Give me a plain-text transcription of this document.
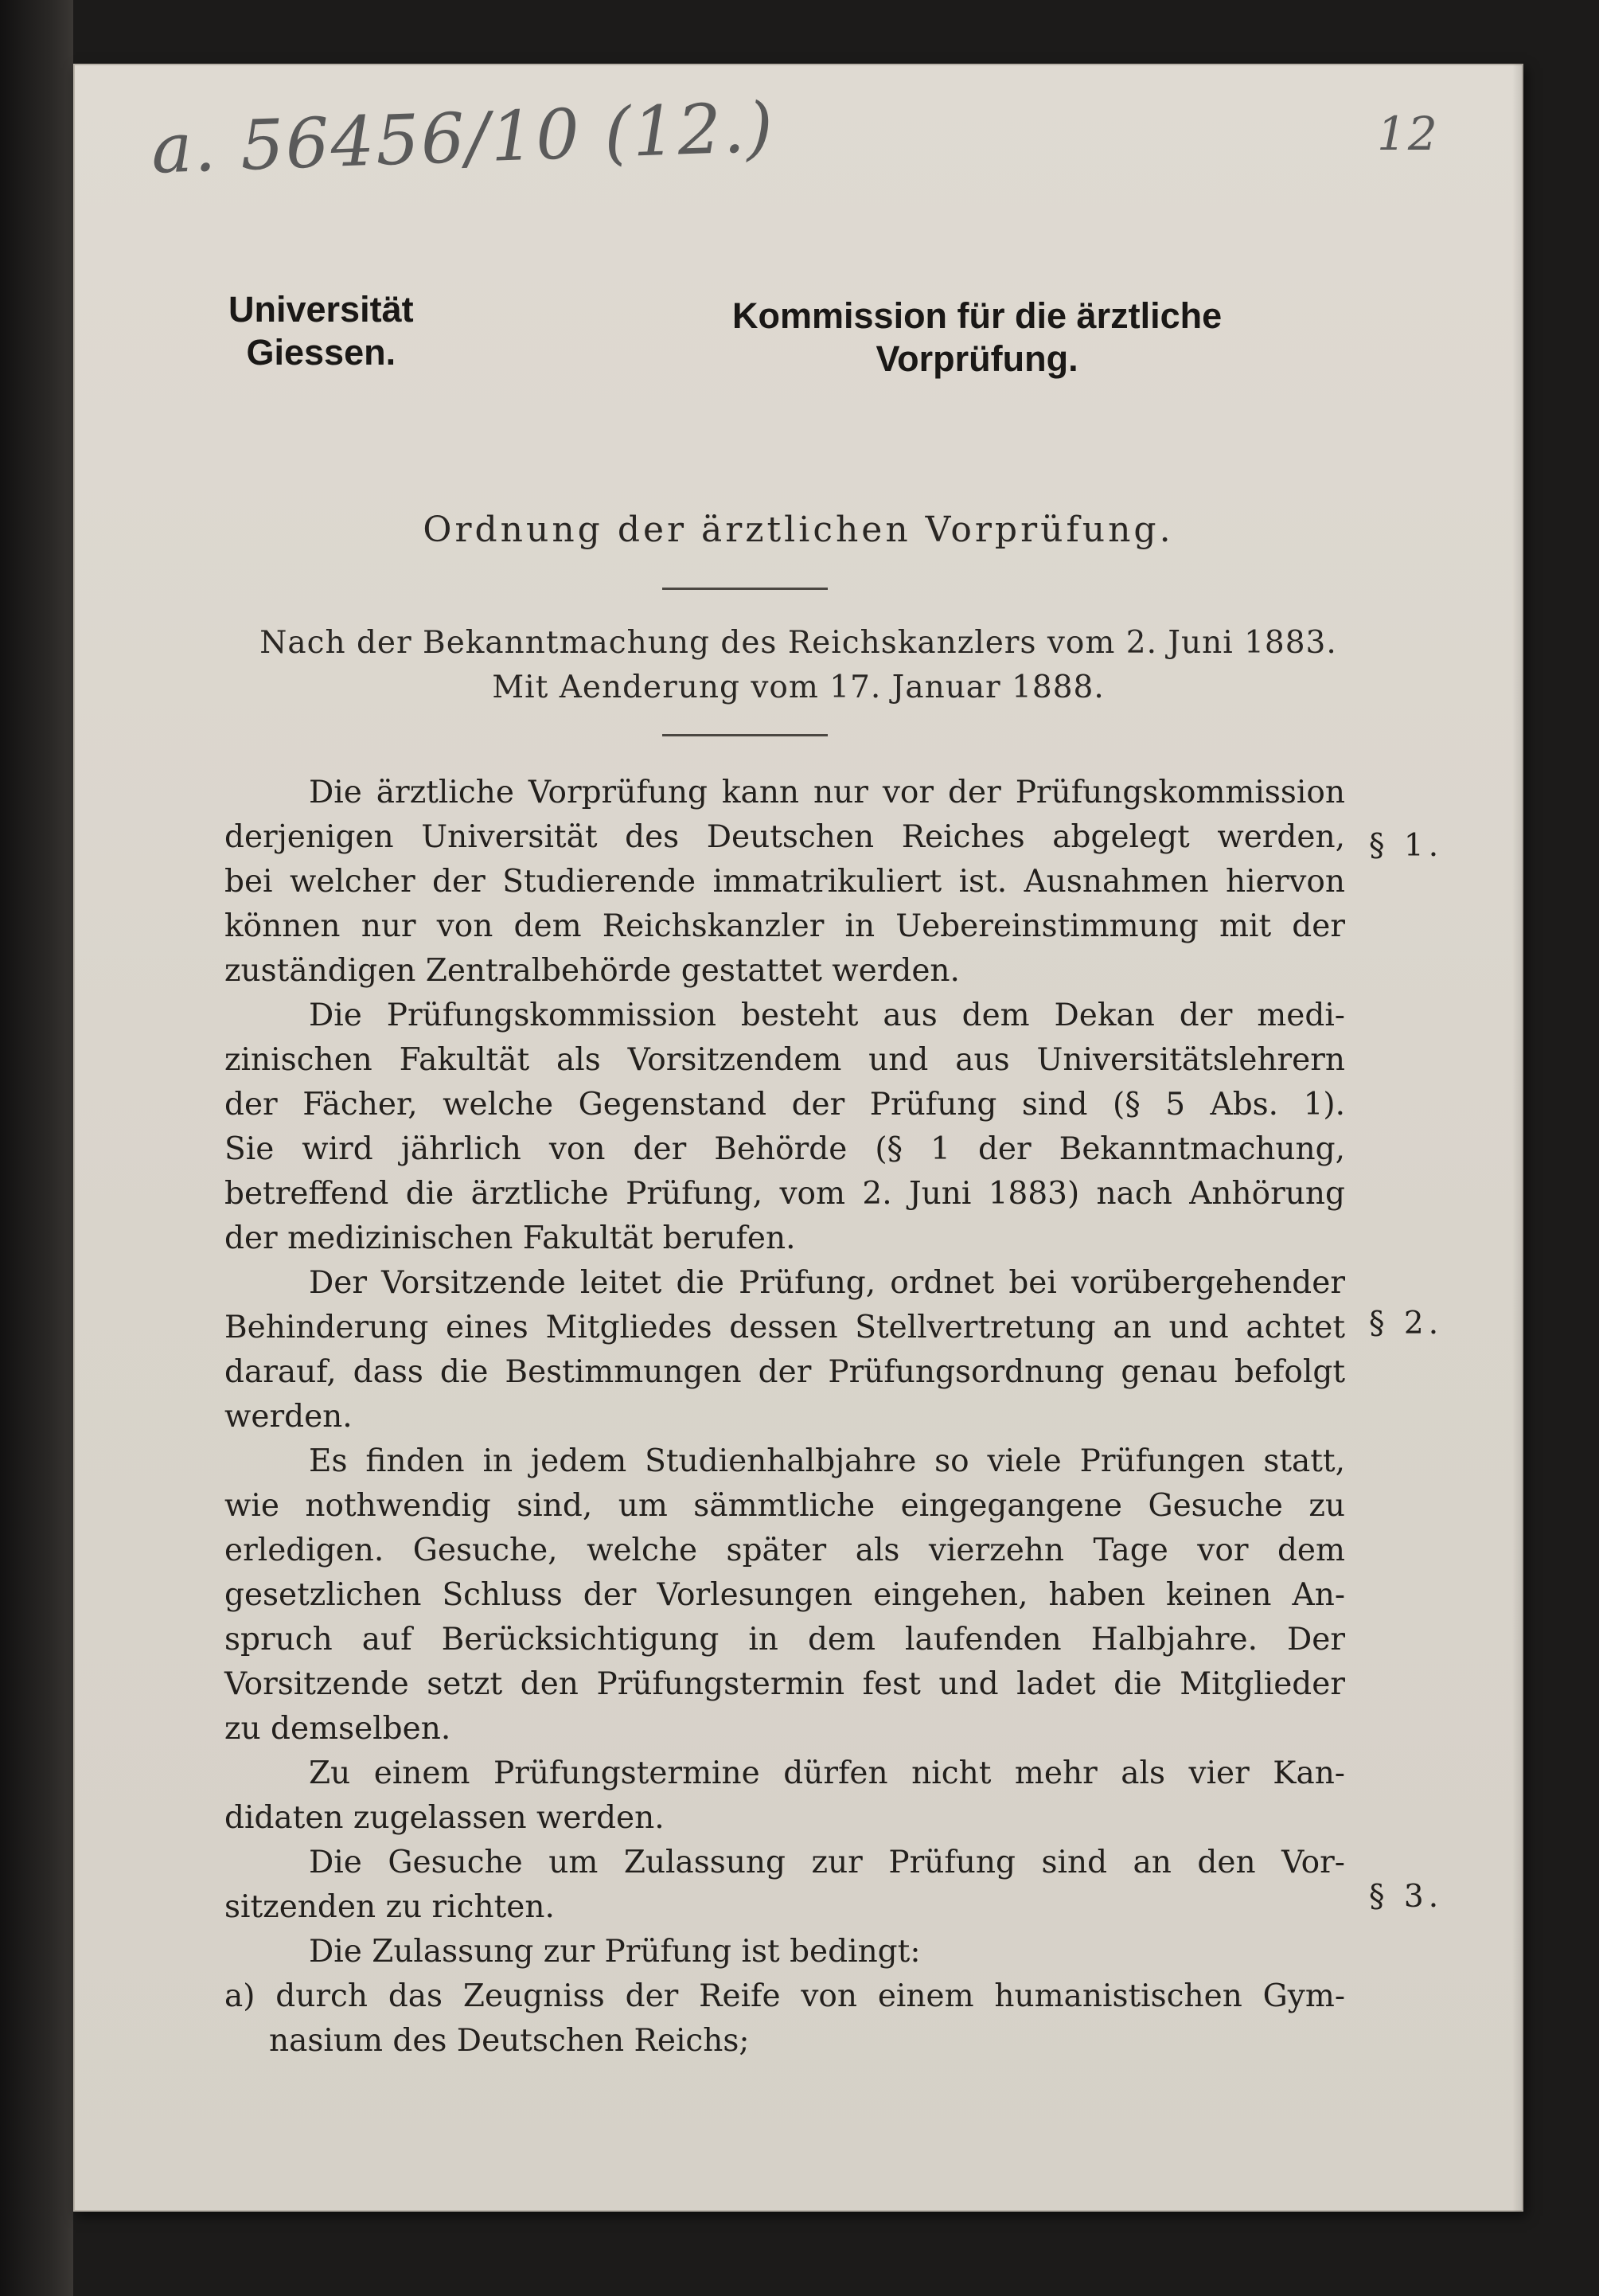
a. 56456/10 (12.)	12
Universität
Giessen.
Kommission für die ärztliche
Vorprüfung.
Ordnung der ärztlichen Vorprüfung.
Nach der Bekanntmachung des Reichskanzlers vom 2. Juni 1883.
Mit Aenderung vom 17. Januar 1888.
Die ärztliche Vorprüfung kann nur vor der Prüfungskommission
derjenigen Universität des Deutschen Reiches abgelegt werden,
bei welcher der Studierende immatrikuliert ist. Ausnahmen hiervon
können nur von dem Reichskanzler in Uebereinstimmung mit der
zuständigen Zentralbehörde gestattet werden.
Die Prüfungskommission besteht aus dem Dekan der medi-
zinischen Fakultät als Vorsitzendem und aus Universitätslehrern
der Fächer, welche Gegenstand der Prüfung sind (§ 5 Abs. 1).
Sie wird jährlich von der Behörde (§ 1 der Bekanntmachung,
betreffend die ärztliche Prüfung, vom 2. Juni 1883) nach Anhörung
der medizinischen Fakultät berufen.
Der Vorsitzende leitet die Prüfung, ordnet bei vorübergehender
Behinderung eines Mitgliedes dessen Stellvertretung an und achtet
darauf, dass die Bestimmungen der Prüfungsordnung genau befolgt
werden.
Es finden in jedem Studienhalbjahre so viele Prüfungen statt,
wie nothwendig sind, um sämmtliche eingegangene Gesuche zu
erledigen. Gesuche, welche später als vierzehn Tage vor dem
gesetzlichen Schluss der Vorlesungen eingehen, haben keinen An-
spruch auf Berücksichtigung in dem laufenden Halbjahre. Der
Vorsitzende setzt den Prüfungstermin fest und ladet die Mitglieder
zu demselben.
Zu einem Prüfungstermine dürfen nicht mehr als vier Kan-
didaten zugelassen werden.
Die Gesuche um Zulassung zur Prüfung sind an den Vor-
sitzenden zu richten.
Die Zulassung zur Prüfung ist bedingt:
a) durch das Zeugniss der Reife von einem humanistischen Gym-
nasium des Deutschen Reichs;
§ 1.
§ 2.
§ 3.
